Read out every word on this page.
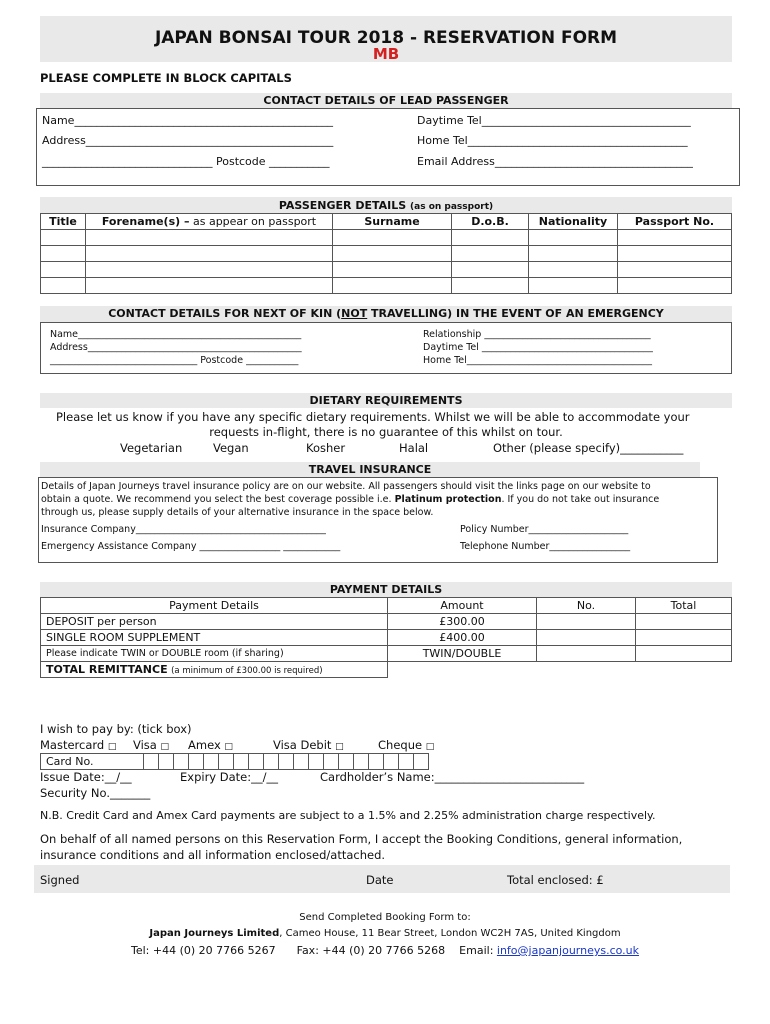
JAPAN BONSAI TOUR 2018 - RESERVATION FORM
MB
PLEASE COMPLETE IN BLOCK CAPITALS
CONTACT DETAILS OF LEAD PASSENGER
Name_______________________________________________	Daytime Tel______________________________________
Address_____________________________________________	Home Tel________________________________________
_______________________________ Postcode ___________	Email Address____________________________________
PASSENGER DETAILS (as on passport)
Title	Forename(s) – as appear on passport	Surname	D.o.B.	Nationality	Passport No.

CONTACT DETAILS FOR NEXT OF KIN (NOT TRAVELLING) IN THE EVENT OF AN EMERGENCY
Name_______________________________________________	Relationship ___________________________________
Address_____________________________________________	Daytime Tel ____________________________________
_______________________________ Postcode ___________	Home Tel_______________________________________
DIETARY REQUIREMENTS
Please let us know if you have any specific dietary requirements. Whilst we will be able to accommodate your
requests in-flight, there is no guarantee of this whilst on tour.
Vegetarian	Vegan	Kosher	Halal	Other (please specify)___________
TRAVEL INSURANCE
Details of Japan Journeys travel insurance policy are on our website. All passengers should visit the links page on our website to
obtain a quote. We recommend you select the best coverage possible i.e. Platinum protection. If you do not take out insurance
through us, please supply details of your alternative insurance in the space below.
Insurance Company________________________________________	Policy Number_____________________
Emergency Assistance Company _________________ ____________	Telephone Number_________________
PAYMENT DETAILS
Payment Details	Amount	No.	Total
DEPOSIT per person	£300.00		
SINGLE ROOM SUPPLEMENT	£400.00		
Please indicate TWIN or DOUBLE room (if sharing)	TWIN/DOUBLE		
TOTAL REMITTANCE (a minimum of £300.00 is required)			
I wish to pay by: (tick box)
Mastercard □ Visa □ Amex □	Visa Debit □	Cheque □
Card No.																			
Issue Date:__/__	Expiry Date:__/__	Cardholder’s Name:__________________________
Security No._______
N.B. Credit Card and Amex Card payments are subject to a 1.5% and 2.25% administration charge respectively.
On behalf of all named persons on this Reservation Form, I accept the Booking Conditions, general information,
insurance conditions and all information enclosed/attached.
Signed	Date	Total enclosed: £
Send Completed Booking Form to:
Japan Journeys Limited, Cameo House, 11 Bear Street, London WC2H 7AS, United Kingdom
Tel: +44 (0) 20 7766 5267 Fax: +44 (0) 20 7766 5268 Email: info@japanjourneys.co.uk
